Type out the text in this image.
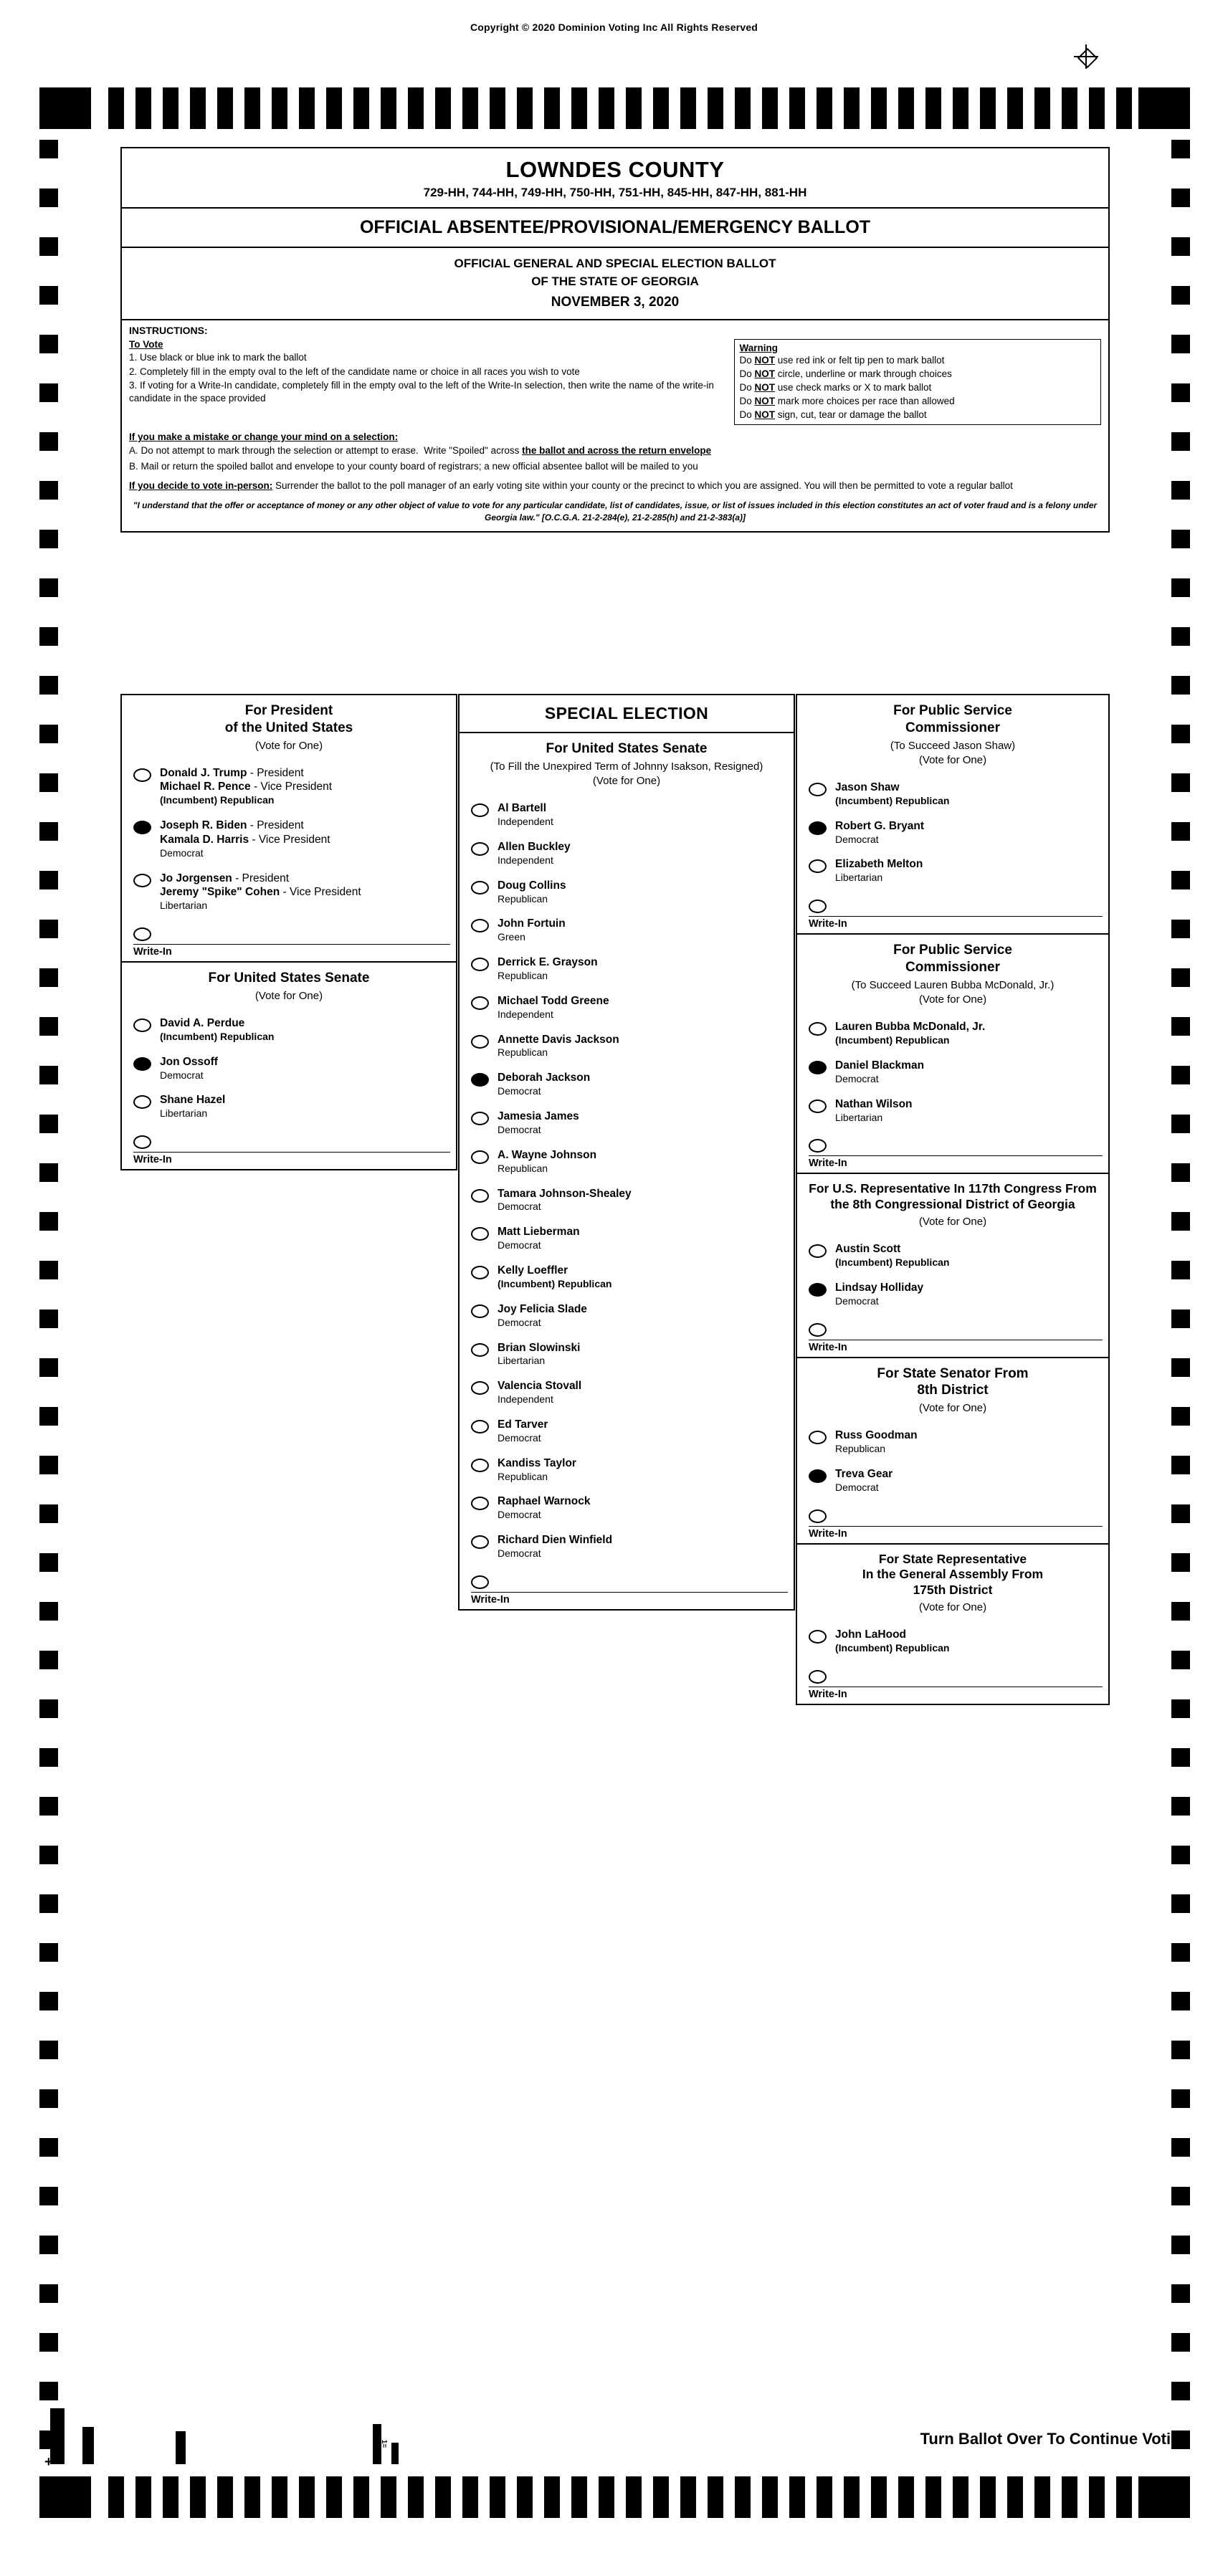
Copyright © 2020 Dominion Voting Inc All Rights Reserved
+
1=	Turn Ballot Over To Continue Voting
LOWNDES COUNTY
729-HH, 744-HH, 749-HH, 750-HH, 751-HH, 845-HH, 847-HH, 881-HH
OFFICIAL ABSENTEE/PROVISIONAL/EMERGENCY BALLOT
OFFICIAL GENERAL AND SPECIAL ELECTION BALLOT
OF THE STATE OF GEORGIA
NOVEMBER 3, 2020
INSTRUCTIONS:
To Vote
1. Use black or blue ink to mark the ballot
2. Completely fill in the empty oval to the left of the candidate name or choice in all races you wish to vote
3. If voting for a Write-In candidate, completely fill in the empty oval to the left of the Write-In selection, then write the name of the write-in candidate in the space provided
Warning

Do NOT use red ink or felt tip pen to mark ballot

Do NOT circle, underline or mark through choices

Do NOT use check marks or X to mark ballot

Do NOT mark more choices per race than allowed

Do NOT sign, cut, tear or damage the ballot

If you make a mistake or change your mind on a selection:

A. Do not attempt to mark through the selection or attempt to erase.  Write "Spoiled" across the ballot and across the return envelope

B. Mail or return the spoiled ballot and envelope to your county board of registrars; a new official absentee ballot will be mailed to you

If you decide to vote in-person: Surrender the ballot to the poll manager of an early voting site within your county or the precinct to which you are assigned. You will then be permitted to vote a regular ballot
"I understand that the offer or acceptance of money or any other object of value to vote for any particular candidate, list of candidates, issue, or list of issues included in this election constitutes an act of voter fraud and is a felony under Georgia law." [O.C.G.A. 21-2-284(e), 21-2-285(h) and 21-2-383(a)]
For President
of the United States
(Vote for One)
Donald J. Trump - President
Michael R. Pence - Vice President
(Incumbent) Republican
Joseph R. Biden - President
Kamala D. Harris - Vice President
Democrat
Jo Jorgensen - President
Jeremy "Spike" Cohen - Vice President
Libertarian
Write-In
For United States Senate
(Vote for One)
David A. Perdue
(Incumbent) Republican
Jon Ossoff
Democrat
Shane Hazel
Libertarian
Write-In
SPECIAL ELECTION
For United States Senate
(To Fill the Unexpired Term of Johnny Isakson, Resigned)
(Vote for One)
Al Bartell
Independent
Allen Buckley
Independent
Doug Collins
Republican
John Fortuin
Green
Derrick E. Grayson
Republican
Michael Todd Greene
Independent
Annette Davis Jackson
Republican
Deborah Jackson
Democrat
Jamesia James
Democrat
A. Wayne Johnson
Republican
Tamara Johnson-Shealey
Democrat
Matt Lieberman
Democrat
Kelly Loeffler
(Incumbent) Republican
Joy Felicia Slade
Democrat
Brian Slowinski
Libertarian
Valencia Stovall
Independent
Ed Tarver
Democrat
Kandiss Taylor
Republican
Raphael Warnock
Democrat
Richard Dien Winfield
Democrat
Write-In
For Public Service
Commissioner
(To Succeed Jason Shaw)
(Vote for One)
Jason Shaw
(Incumbent) Republican
Robert G. Bryant
Democrat
Elizabeth Melton
Libertarian
Write-In
For Public Service
Commissioner
(To Succeed Lauren Bubba McDonald, Jr.)
(Vote for One)
Lauren Bubba McDonald, Jr.
(Incumbent) Republican
Daniel Blackman
Democrat
Nathan Wilson
Libertarian
Write-In
For U.S. Representative In 117th Congress From the 8th Congressional District of Georgia
(Vote for One)
Austin Scott
(Incumbent) Republican
Lindsay Holliday
Democrat
Write-In
For State Senator From
8th District
(Vote for One)
Russ Goodman
Republican
Treva Gear
Democrat
Write-In
For State Representative
In the General Assembly From
175th District
(Vote for One)
John LaHood
(Incumbent) Republican
Write-In
